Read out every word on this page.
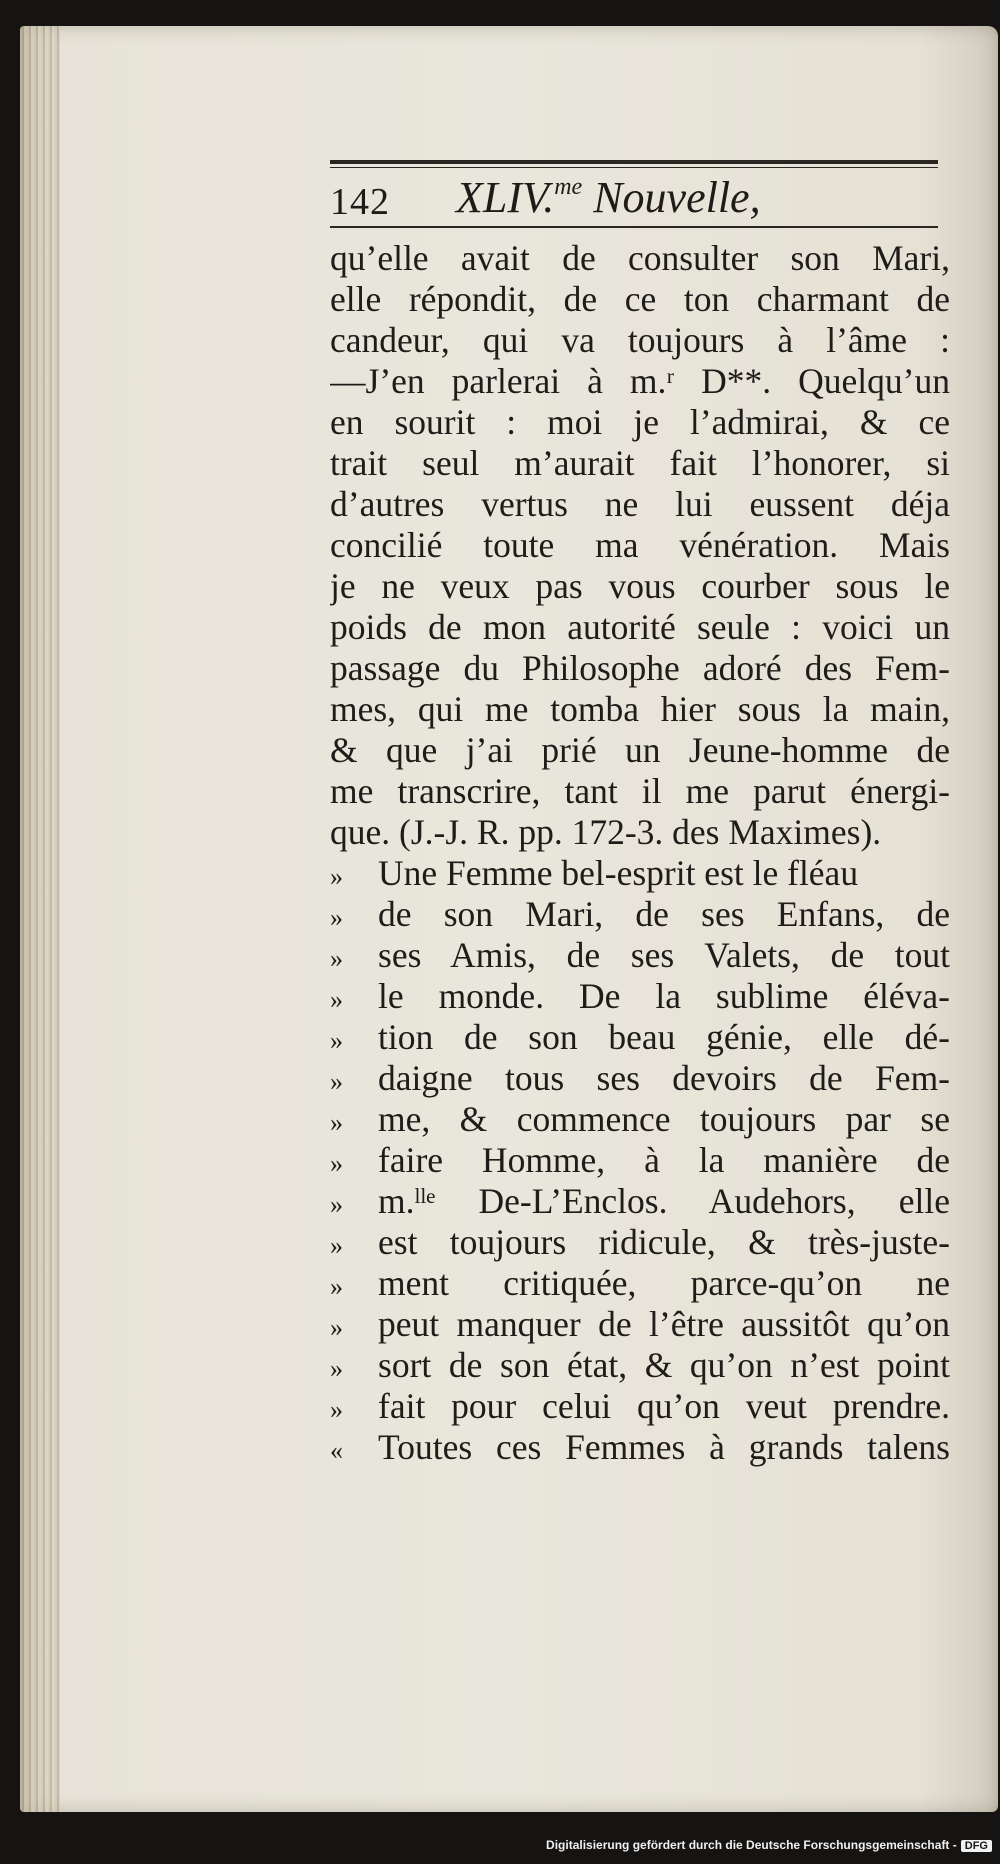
142 XLIV.$^{me}$ Nouvelle,
qu’elle avait de consulter son Mari,
elle répondit, de ce ton charmant de
candeur, qui va toujours à l’âme :
—J’en parlerai à m.ʳ D**. Quelqu’un
en sourit : moi je l’admirai, & ce
trait seul m’aurait fait l’honorer, si
d’autres vertus ne lui eussent déja
concilié toute ma vénération. Mais
je ne veux pas vous courber sous le
poids de mon autorité seule : voici un
passage du Philosophe adoré des Fem-
mes, qui me tomba hier sous la main,
& que j’ai prié un Jeune-homme de
me transcrire, tant il me parut énergi-
que. (J.-J. R. pp. 172-3. des Maximes).
» Une Femme bel-esprit est le fléau
» de son Mari, de ses Enfans, de
» ses Amis, de ses Valets, de tout
» le monde. De la sublime éléva-
» tion de son beau génie, elle dé-
» daigne tous ses devoirs de Fem-
» me, & commence toujours par se
» faire Homme, à la manière de
» m.ˡˡᵉ De-L’Enclos. Audehors, elle
» est toujours ridicule, & très-juste-
» ment critiquée, parce-qu’on ne
» peut manquer de l’être aussitôt qu’on
» sort de son état, & qu’on n’est point
» fait pour celui qu’on veut prendre.
« Toutes ces Femmes à grands talens
Digitalisierung gefördert durch die Deutsche Forschungsgemeinschaft - DFG
